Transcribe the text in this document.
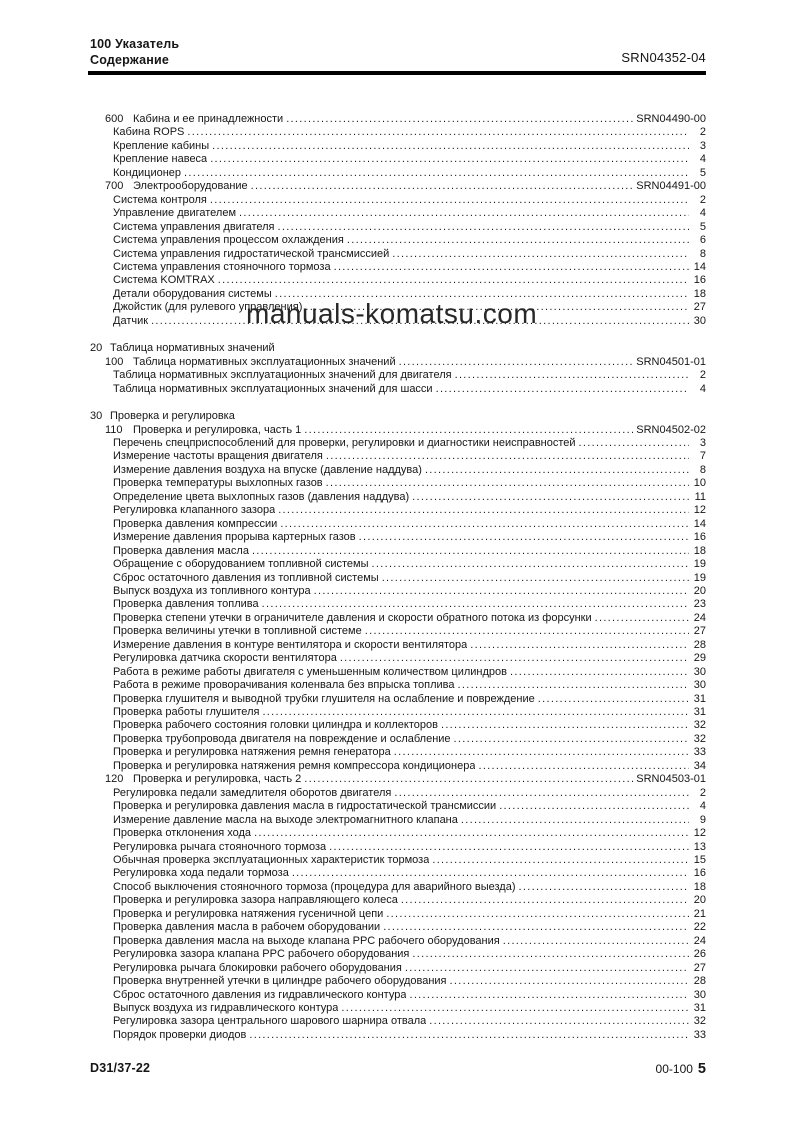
100 Указатель
Содержание	SRN04352-04
600 Кабина и ее принадлежности .....	SRN04490-00
Кабина ROPS .....	2
Крепление кабины .....	3
Крепление навеса .....	4
Кондиционер .....	5
700 Электрооборудование .....	SRN04491-00
Система контроля .....	2
Управление двигателем .....	4
Система управления двигателя .....	5
Система управления процессом охлаждения .....	6
Система управления гидростатической трансмиссией .....	8
Система управления стояночного тормоза .....	14
Система KOMTRAX .....	16
Детали оборудования системы .....	18
Джойстик (для рулевого управления) .....	27
Датчик .....	30
20 Таблица нормативных значений
100 Таблица нормативных эксплуатационных значений .....	SRN04501-01
Таблица нормативных эксплуатационных значений для двигателя .....	2
Таблица нормативных эксплуатационных значений для шасси .....	4
30 Проверка и регулировка
110 Проверка и регулировка, часть 1 .....	SRN04502-02
Перечень спецприспособлений для проверки, регулировки и диагностики неисправностей .....	3
Измерение частоты вращения двигателя .....	7
Измерение давления воздуха на впуске (давление наддува) .....	8
Проверка температуры выхлопных газов .....	10
Определение цвета выхлопных газов (давления наддува) .....	11
Регулировка клапанного зазора .....	12
Проверка давления компрессии .....	14
Измерение давления прорыва картерных газов .....	16
Проверка давления масла .....	18
Обращение с оборудованием топливной системы .....	19
Сброс остаточного давления из топливной системы .....	19
Выпуск воздуха из топливного контура .....	20
Проверка давления топлива .....	23
Проверка степени утечки в ограничителе давления и скорости обратного потока из форсунки .....	24
Проверка величины утечки в топливной системе .....	27
Измерение давления в контуре вентилятора и скорости вентилятора .....	28
Регулировка датчика скорости вентилятора .....	29
Работа в режиме работы двигателя с уменьшенным количеством цилиндров .....	30
Работа в режиме проворачивания коленвала без впрыска топлива .....	30
Проверка глушителя и выводной трубки глушителя на ослабление и повреждение .....	31
Проверка работы глушителя .....	31
Проверка рабочего состояния головки цилиндра и коллекторов .....	32
Проверка трубопровода двигателя на повреждение и ослабление .....	32
Проверка и регулировка натяжения ремня генератора .....	33
Проверка и регулировка натяжения ремня компрессора кондиционера .....	34
120 Проверка и регулировка, часть 2 .....	SRN04503-01
Регулировка педали замедлителя оборотов двигателя .....	2
Проверка и регулировка давления масла в гидростатической трансмиссии .....	4
Измерение давление масла на выходе электромагнитного клапана .....	9
Проверка отклонения хода .....	12
Регулировка рычага стояночного тормоза .....	13
Обычная проверка эксплуатационных характеристик тормоза .....	15
Регулировка хода педали тормоза .....	16
Способ выключения стояночного тормоза (процедура для аварийного выезда) .....	18
Проверка и регулировка зазора направляющего колеса .....	20
Проверка и регулировка натяжения гусеничной цепи .....	21
Проверка давления масла в рабочем оборудовании .....	22
Проверка давления масла на выходе клапана PPC рабочего оборудования .....	24
Регулировка зазора клапана PPC рабочего оборудования .....	26
Регулировка рычага блокировки рабочего оборудования .....	27
Проверка внутренней утечки в цилиндре рабочего оборудования .....	28
Сброс остаточного давления из гидравлического контура .....	30
Выпуск воздуха из гидравлического контура .....	31
Регулировка зазора центрального шарового шарнира отвала .....	32
Порядок проверки диодов .....	33
manuals-komatsu.com
D31/37-22	00-100 5
